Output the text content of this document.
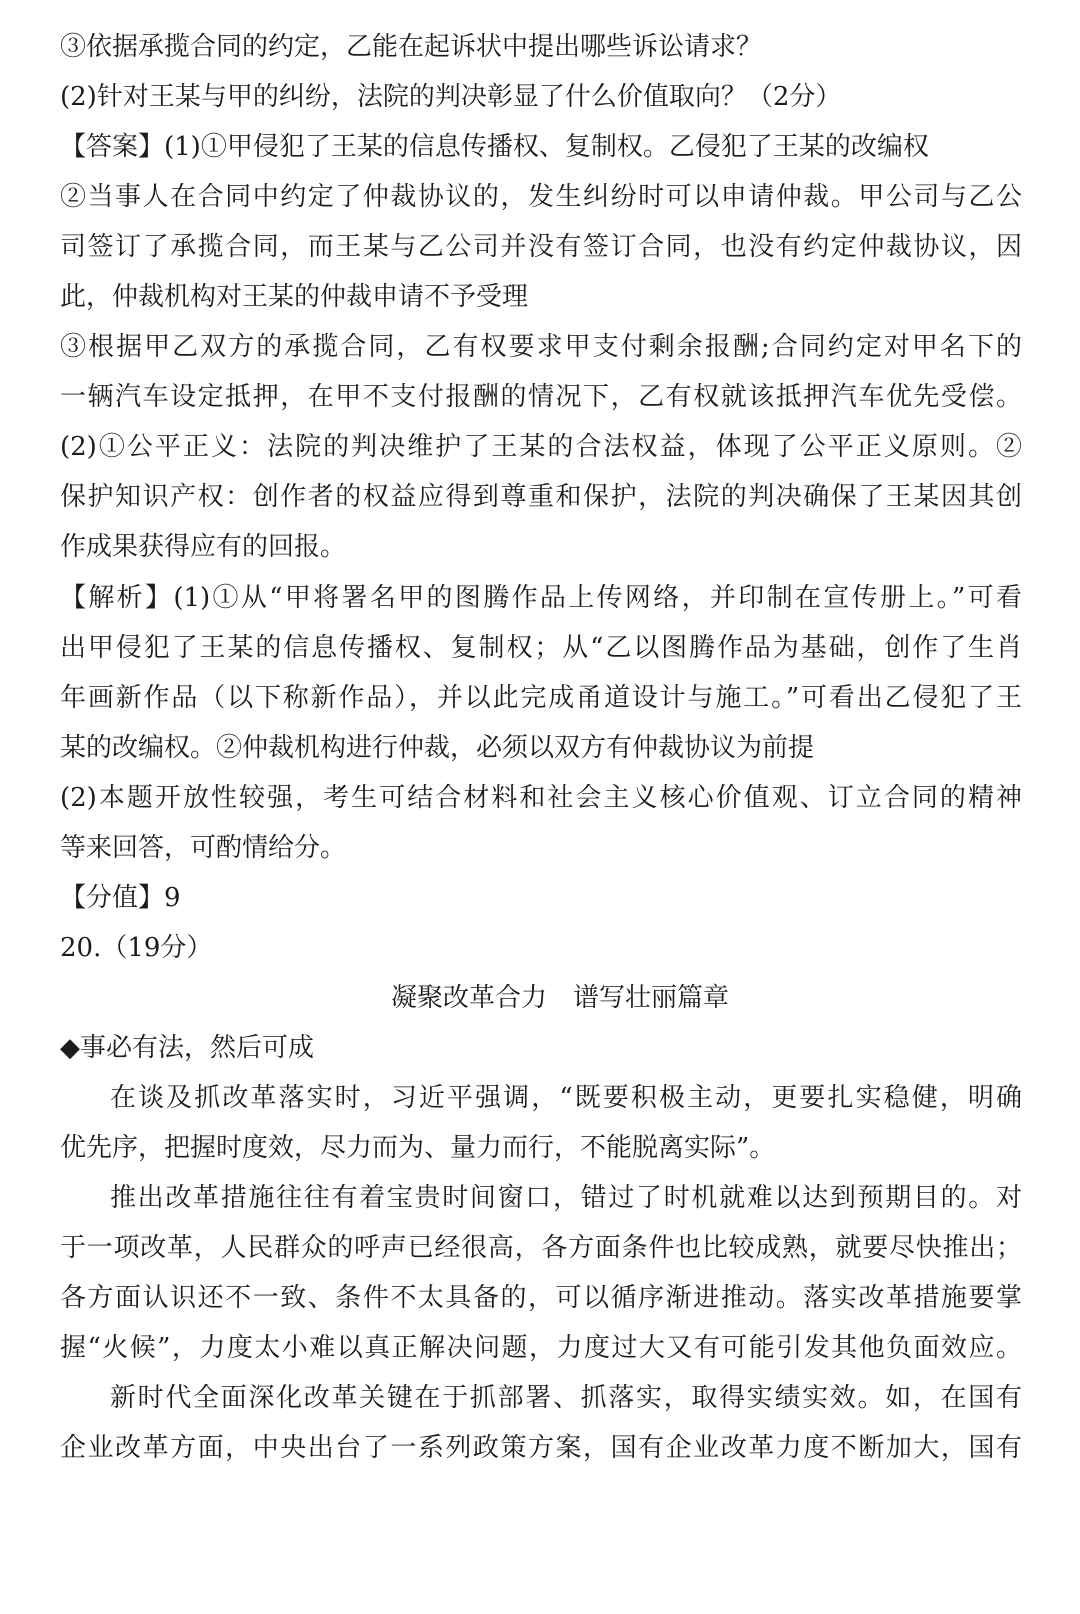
③依据承揽合同的约定，乙能在起诉状中提出哪些诉讼请求？
(2)针对王某与甲的纠纷，法院的判决彰显了什么价值取向？（2分）
【答案】(1)①甲侵犯了王某的信息传播权、复制权。乙侵犯了王某的改编权
②当事人在合同中约定了仲裁协议的，发生纠纷时可以申请仲裁。甲公司与乙公
司签订了承揽合同，而王某与乙公司并没有签订合同，也没有约定仲裁协议，因
此，仲裁机构对王某的仲裁申请不予受理
③根据甲乙双方的承揽合同，乙有权要求甲支付剩余报酬;合同约定对甲名下的
一辆汽车设定抵押，在甲不支付报酬的情况下，乙有权就该抵押汽车优先受偿。
(2)①公平正义：法院的判决维护了王某的合法权益，体现了公平正义原则。②
保护知识产权：创作者的权益应得到尊重和保护，法院的判决确保了王某因其创
作成果获得应有的回报。
【解析】(1)①从“甲将署名甲的图腾作品上传网络，并印制在宣传册上。”可看
出甲侵犯了王某的信息传播权、复制权；从“乙以图腾作品为基础，创作了生肖
年画新作品（以下称新作品），并以此完成甬道设计与施工。”可看出乙侵犯了王
某的改编权。②仲裁机构进行仲裁，必须以双方有仲裁协议为前提
(2)本题开放性较强，考生可结合材料和社会主义核心价值观、订立合同的精神
等来回答，可酌情给分。
【分值】9
20.（19分）
凝聚改革合力　谱写壮丽篇章
◆事必有法，然后可成
在谈及抓改革落实时，习近平强调，“既要积极主动，更要扎实稳健，明确
优先序，把握时度效，尽力而为、量力而行，不能脱离实际”。
推出改革措施往往有着宝贵时间窗口，错过了时机就难以达到预期目的。对
于一项改革，人民群众的呼声已经很高，各方面条件也比较成熟，就要尽快推出；
各方面认识还不一致、条件不太具备的，可以循序渐进推动。落实改革措施要掌
握“火候”，力度太小难以真正解决问题，力度过大又有可能引发其他负面效应。
新时代全面深化改革关键在于抓部署、抓落实，取得实绩实效。如，在国有
企业改革方面，中央出台了一系列政策方案，国有企业改革力度不断加大，国有
